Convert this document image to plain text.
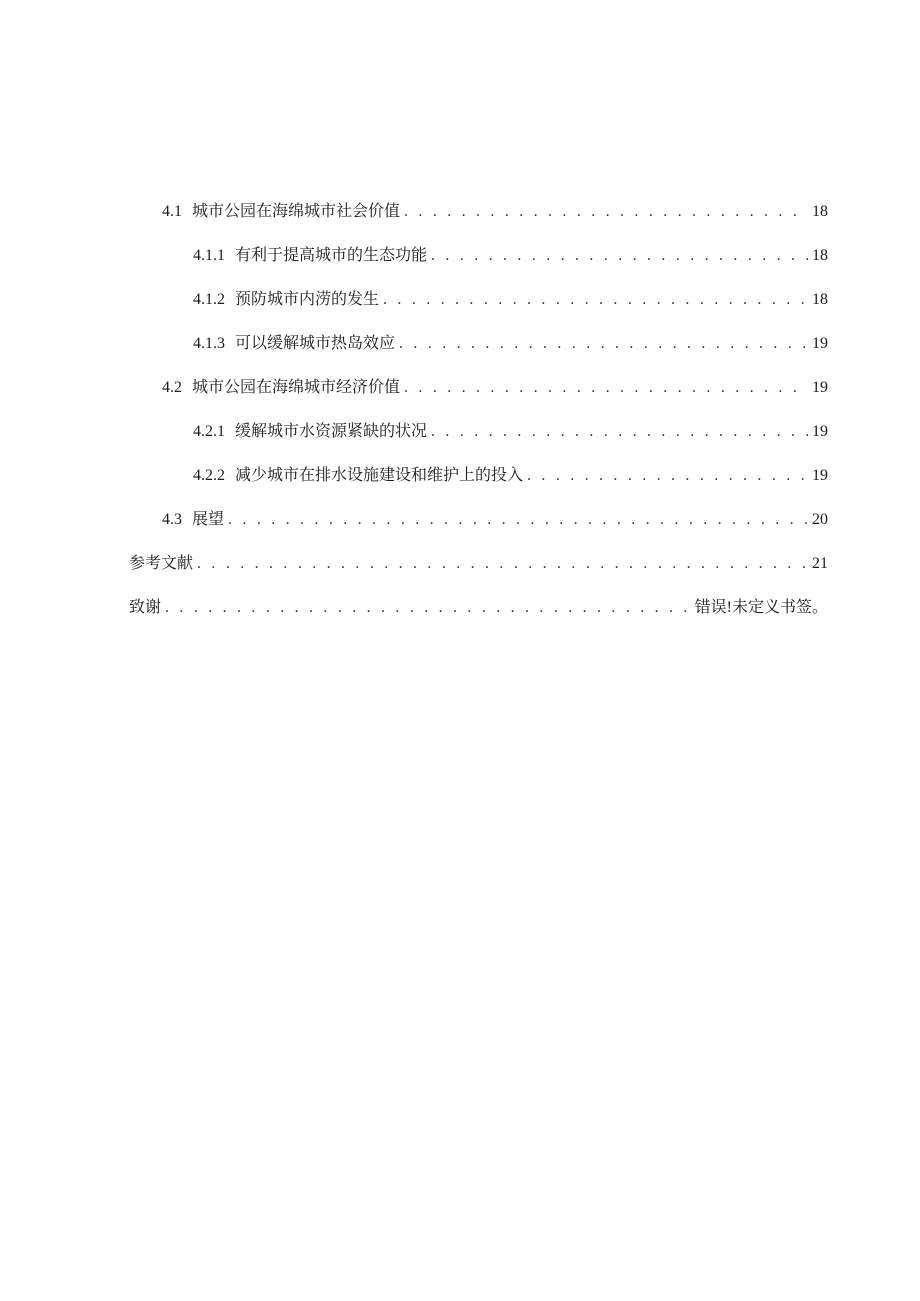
4.1 城市公园在海绵城市社会价值 . . .	18
4.1.1 有利于提高城市的生态功能 . . .	18
4.1.2 预防城市内涝的发生 . . .	18
4.1.3 可以缓解城市热岛效应 . . .	19
4.2 城市公园在海绵城市经济价值 . . .	19
4.2.1 缓解城市水资源紧缺的状况 . . .	19
4.2.2 减少城市在排水设施建设和维护上的投入 . . .	19
4.3 展望 . . .	20
参考文献 . . .	21
致谢 . . .	错误!未定义书签。
